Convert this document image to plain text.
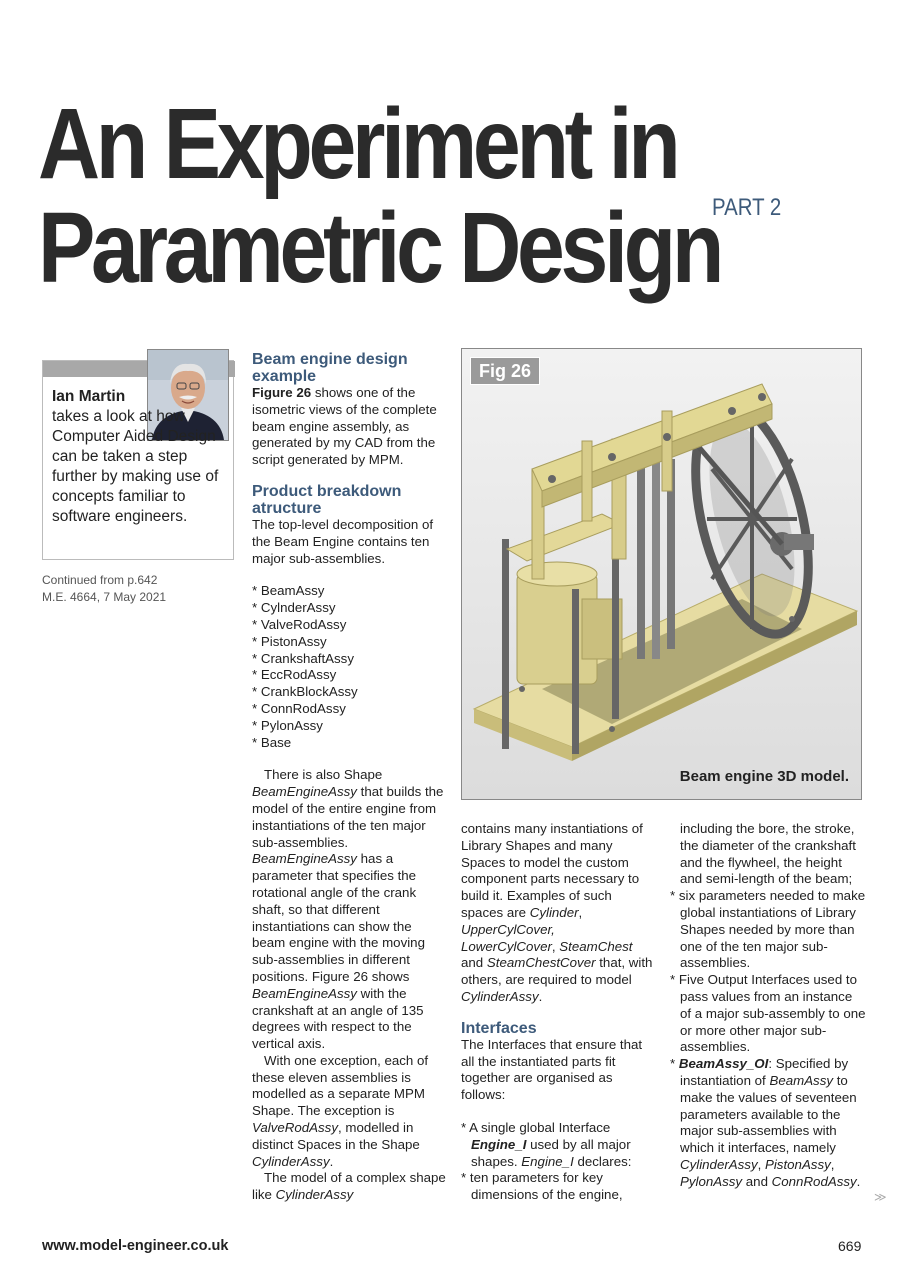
An Experiment in
Parametric Design
PART 2
Ian Martin
takes a look at how Computer Aided Design can be taken a step further by making use of concepts familiar to software engineers.
Continued from p.642
M.E. 4664, 7 May 2021
Beam engine design example

Figure 26 shows one of the isometric views of the complete beam engine assembly, as generated by my CAD from the script generated by MPM.

Product breakdown atructure

The top-level decomposition of the Beam Engine contains ten major sub-assemblies.

* BeamAssy
* CylnderAssy
* ValveRodAssy
* PistonAssy
* CrankshaftAssy
* EccRodAssy
* CrankBlockAssy
* ConnRodAssy
* PylonAssy
* Base

There is also Shape BeamEngineAssy that builds the model of the entire engine from instantiations of the ten major sub-assemblies. BeamEngineAssy has a parameter that specifies the rotational angle of the crank shaft, so that different instantiations can show the beam engine with the moving sub-assemblies in different positions. Figure 26 shows BeamEngineAssy with the crankshaft at an angle of 135 degrees with respect to the vertical axis.

With one exception, each of these eleven assemblies is modelled as a separate MPM Shape. The exception is ValveRodAssy, modelled in distinct Spaces in the Shape CylinderAssy.

The model of a complex shape like CylinderAssy

Fig 26
Beam engine 3D model.

contains many instantiations of Library Shapes and many Spaces to model the custom component parts necessary to build it. Examples of such spaces are Cylinder, UpperCylCover, LowerCylCover, SteamChest and SteamChestCover that, with others, are required to model CylinderAssy.

Interfaces

The Interfaces that ensure that all the instantiated parts fit together are organised as follows:

* A single global Interface Engine_I used by all major shapes. Engine_I declares:

* ten parameters for key dimensions of the engine,

including the bore, the stroke, the diameter of the crankshaft and the flywheel, the height and semi-length of the beam;

* six parameters needed to make global instantiations of Library Shapes needed by more than one of the ten major sub-assemblies.

* Five Output Interfaces used to pass values from an instance of a major sub-assembly to one or more other major sub-assemblies.

* BeamAssy_OI: Specified by instantiation of BeamAssy to make the values of seventeen parameters available to the major sub-assemblies with which it interfaces, namely CylinderAssy, PistonAssy, PylonAssy and ConnRodAssy.

≫
www.model-engineer.co.uk	669
